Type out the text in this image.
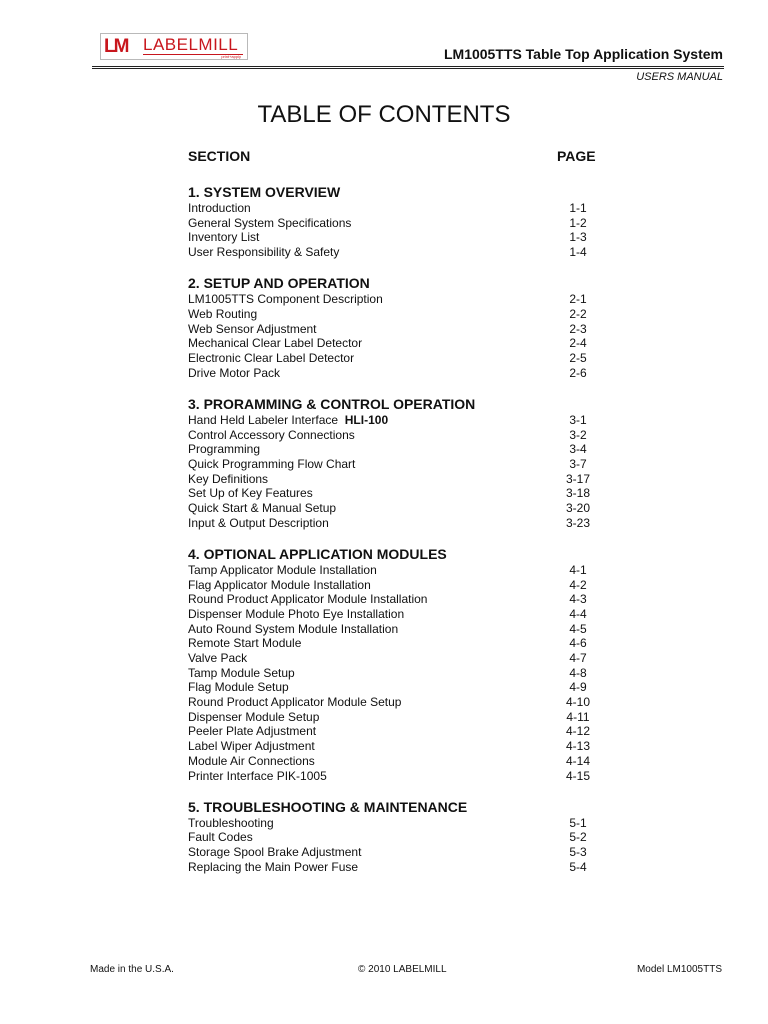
LM LABELMILL
print+apply	LM1005TTS Table Top Application System
USERS MANUAL
TABLE OF CONTENTS
SECTION	PAGE
1. SYSTEM OVERVIEW
Introduction	1-1
General System Specifications	1-2
Inventory List	1-3
User Responsibility & Safety	1-4
2. SETUP AND OPERATION
LM1005TTS Component Description	2-1
Web Routing	2-2
Web Sensor Adjustment	2-3
Mechanical Clear Label Detector	2-4
Electronic Clear Label Detector	2-5
Drive Motor Pack	2-6
3. PRORAMMING & CONTROL OPERATION
Hand Held Labeler Interface HLI-100	3-1
Control Accessory Connections	3-2
Programming	3-4
Quick Programming Flow Chart	3-7
Key Definitions	3-17
Set Up of Key Features	3-18
Quick Start & Manual Setup	3-20
Input & Output Description	3-23
4. OPTIONAL APPLICATION MODULES
Tamp Applicator Module Installation	4-1
Flag Applicator Module Installation	4-2
Round Product Applicator Module Installation	4-3
Dispenser Module Photo Eye Installation	4-4
Auto Round System Module Installation	4-5
Remote Start Module	4-6
Valve Pack	4-7
Tamp Module Setup	4-8
Flag Module Setup	4-9
Round Product Applicator Module Setup	4-10
Dispenser Module Setup	4-11
Peeler Plate Adjustment	4-12
Label Wiper Adjustment	4-13
Module Air Connections	4-14
Printer Interface PIK-1005	4-15
5. TROUBLESHOOTING & MAINTENANCE
Troubleshooting	5-1
Fault Codes	5-2
Storage Spool Brake Adjustment	5-3
Replacing the Main Power Fuse	5-4
Made in the U.S.A.	© 2010 LABELMILL	Model LM1005TTS
